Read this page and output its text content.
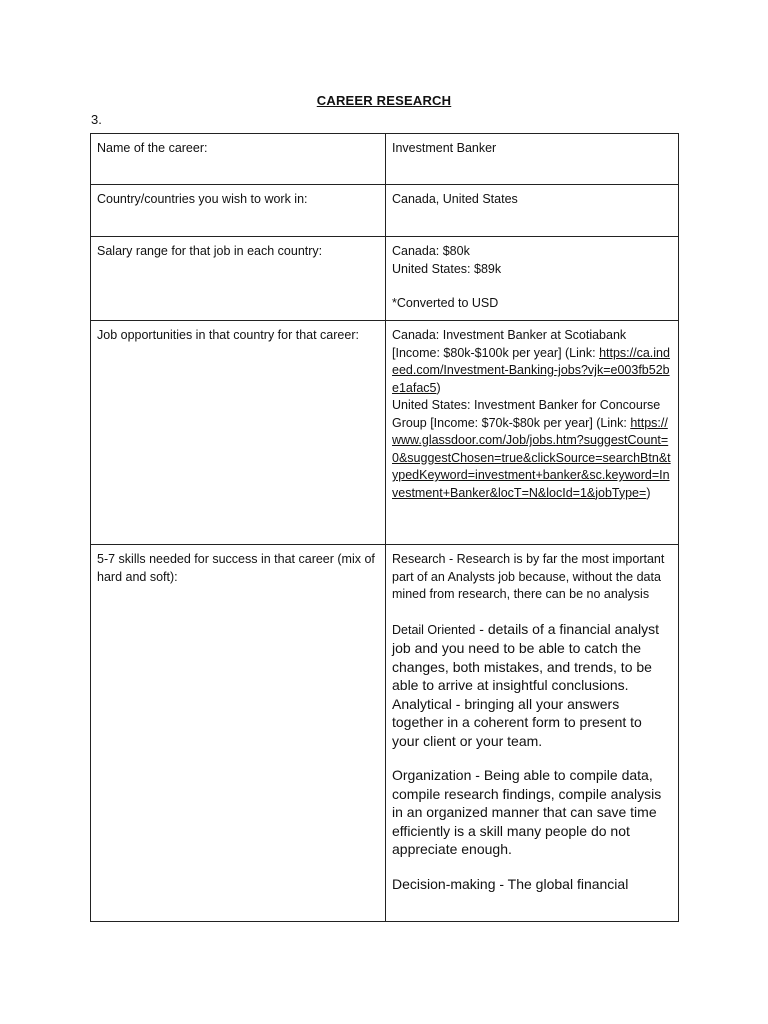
CAREER RESEARCH
3.
Name of the career:	Investment Banker
Country/countries you wish to work in:	Canada, United States
Salary range for that job in each country:	Canada: $80k
United States: $89k
*Converted to USD

Job opportunities in that country for that career:	Canada: Investment Banker at Scotiabank [Income: $80k-$100k per year] (Link: https://ca.indeed.com/Investment-Banking-jobs?vjk=e003fb52be1afac5)
United States: Investment Banker for Concourse Group [Income: $70k-$80k per year] (Link: https://www.glassdoor.com/Job/jobs.htm?suggestCount=0&suggestChosen=true&clickSource=searchBtn&typedKeyword=investment+banker&sc.keyword=Investment+Banker&locT=N&locId=1&jobType=)

5-7 skills needed for success in that career (mix of hard and soft):	Research - Research is by far the most important part of an Analysts job because, without the data mined from research, there can be no analysis
Detail Oriented - details of a financial analyst job and you need to be able to catch the changes, both mistakes, and trends, to be able to arrive at insightful conclusions.
Analytical - bringing all your answers together in a coherent form to present to your client or your team.
Organization - Being able to compile data, compile research findings, compile analysis in an organized manner that can save time efficiently is a skill many people do not appreciate enough.
Decision-making - The global financial
